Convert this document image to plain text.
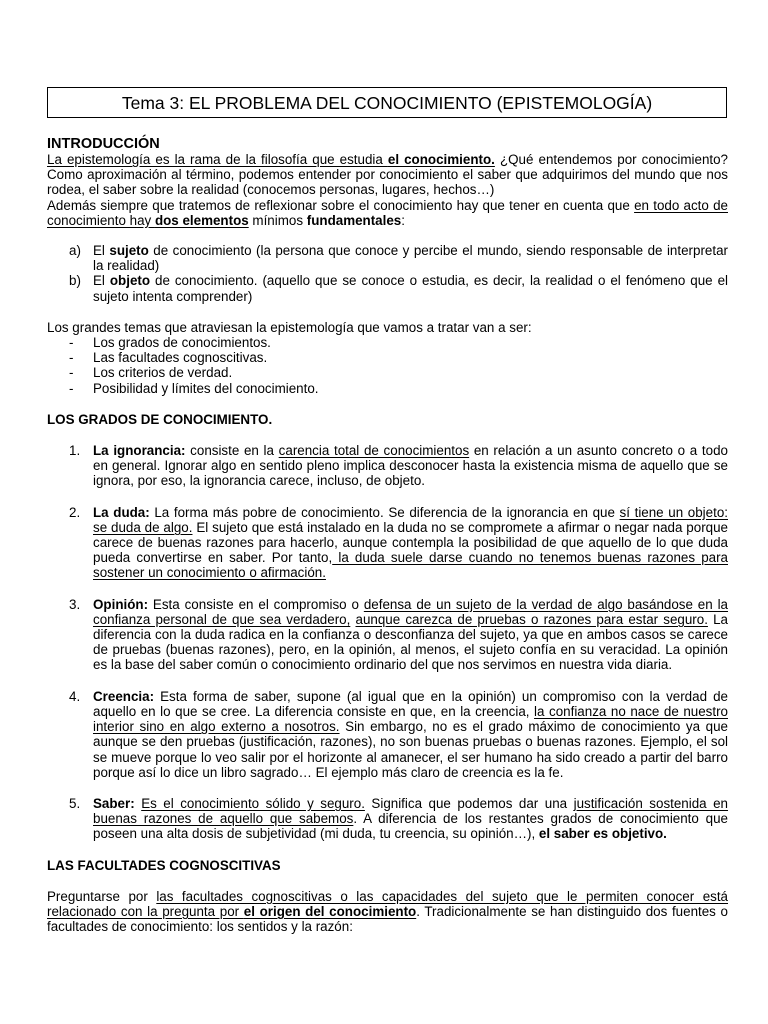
Tema 3: EL PROBLEMA DEL CONOCIMIENTO (EPISTEMOLOGÍA)

INTRODUCCIÓN

La epistemología es la rama de la filosofía que estudia el conocimiento. ¿Qué entendemos por conocimiento? Como aproximación al término, podemos entender por conocimiento el saber que adquirimos del mundo que nos rodea, el saber sobre la realidad (conocemos personas, lugares, hechos…)

Además siempre que tratemos de reflexionar sobre el conocimiento hay que tener en cuenta que en todo acto de conocimiento hay dos elementos mínimos fundamentales:

a) El sujeto de conocimiento (la persona que conoce y percibe el mundo, siendo responsable de interpretar la realidad)
b) El objeto de conocimiento. (aquello que se conoce o estudia, es decir, la realidad o el fenómeno que el sujeto intenta comprender)

Los grandes temas que atraviesan la epistemología que vamos a tratar van a ser:

- Los grados de conocimientos.
- Las facultades cognoscitivas.
- Los criterios de verdad.
- Posibilidad y límites del conocimiento.

LOS GRADOS DE CONOCIMIENTO.

1. La ignorancia: consiste en la carencia total de conocimientos en relación a un asunto concreto o a todo en general. Ignorar algo en sentido pleno implica desconocer hasta la existencia misma de aquello que se ignora, por eso, la ignorancia carece, incluso, de objeto.
2. La duda: La forma más pobre de conocimiento. Se diferencia de la ignorancia en que sí tiene un objeto: se duda de algo. El sujeto que está instalado en la duda no se compromete a afirmar o negar nada porque carece de buenas razones para hacerlo, aunque contempla la posibilidad de que aquello de lo que duda pueda convertirse en saber. Por tanto, la duda suele darse cuando no tenemos buenas razones para sostener un conocimiento o afirmación.
3. Opinión: Esta consiste en el compromiso o defensa de un sujeto de la verdad de algo basándose en la confianza personal de que sea verdadero, aunque carezca de pruebas o razones para estar seguro. La diferencia con la duda radica en la confianza o desconfianza del sujeto, ya que en ambos casos se carece de pruebas (buenas razones), pero, en la opinión, al menos, el sujeto confía en su veracidad. La opinión es la base del saber común o conocimiento ordinario del que nos servimos en nuestra vida diaria.
4. Creencia: Esta forma de saber, supone (al igual que en la opinión) un compromiso con la verdad de aquello en lo que se cree. La diferencia consiste en que, en la creencia, la confianza no nace de nuestro interior sino en algo externo a nosotros. Sin embargo, no es el grado máximo de conocimiento ya que aunque se den pruebas (justificación, razones), no son buenas pruebas o buenas razones. Ejemplo, el sol se mueve porque lo veo salir por el horizonte al amanecer, el ser humano ha sido creado a partir del barro porque así lo dice un libro sagrado… El ejemplo más claro de creencia es la fe.
5. Saber: Es el conocimiento sólido y seguro. Significa que podemos dar una justificación sostenida en buenas razones de aquello que sabemos. A diferencia de los restantes grados de conocimiento que poseen una alta dosis de subjetividad (mi duda, tu creencia, su opinión…), el saber es objetivo.

LAS FACULTADES COGNOSCITIVAS

Preguntarse por las facultades cognoscitivas o las capacidades del sujeto que le permiten conocer está relacionado con la pregunta por el origen del conocimiento. Tradicionalmente se han distinguido dos fuentes o facultades de conocimiento: los sentidos y la razón:
